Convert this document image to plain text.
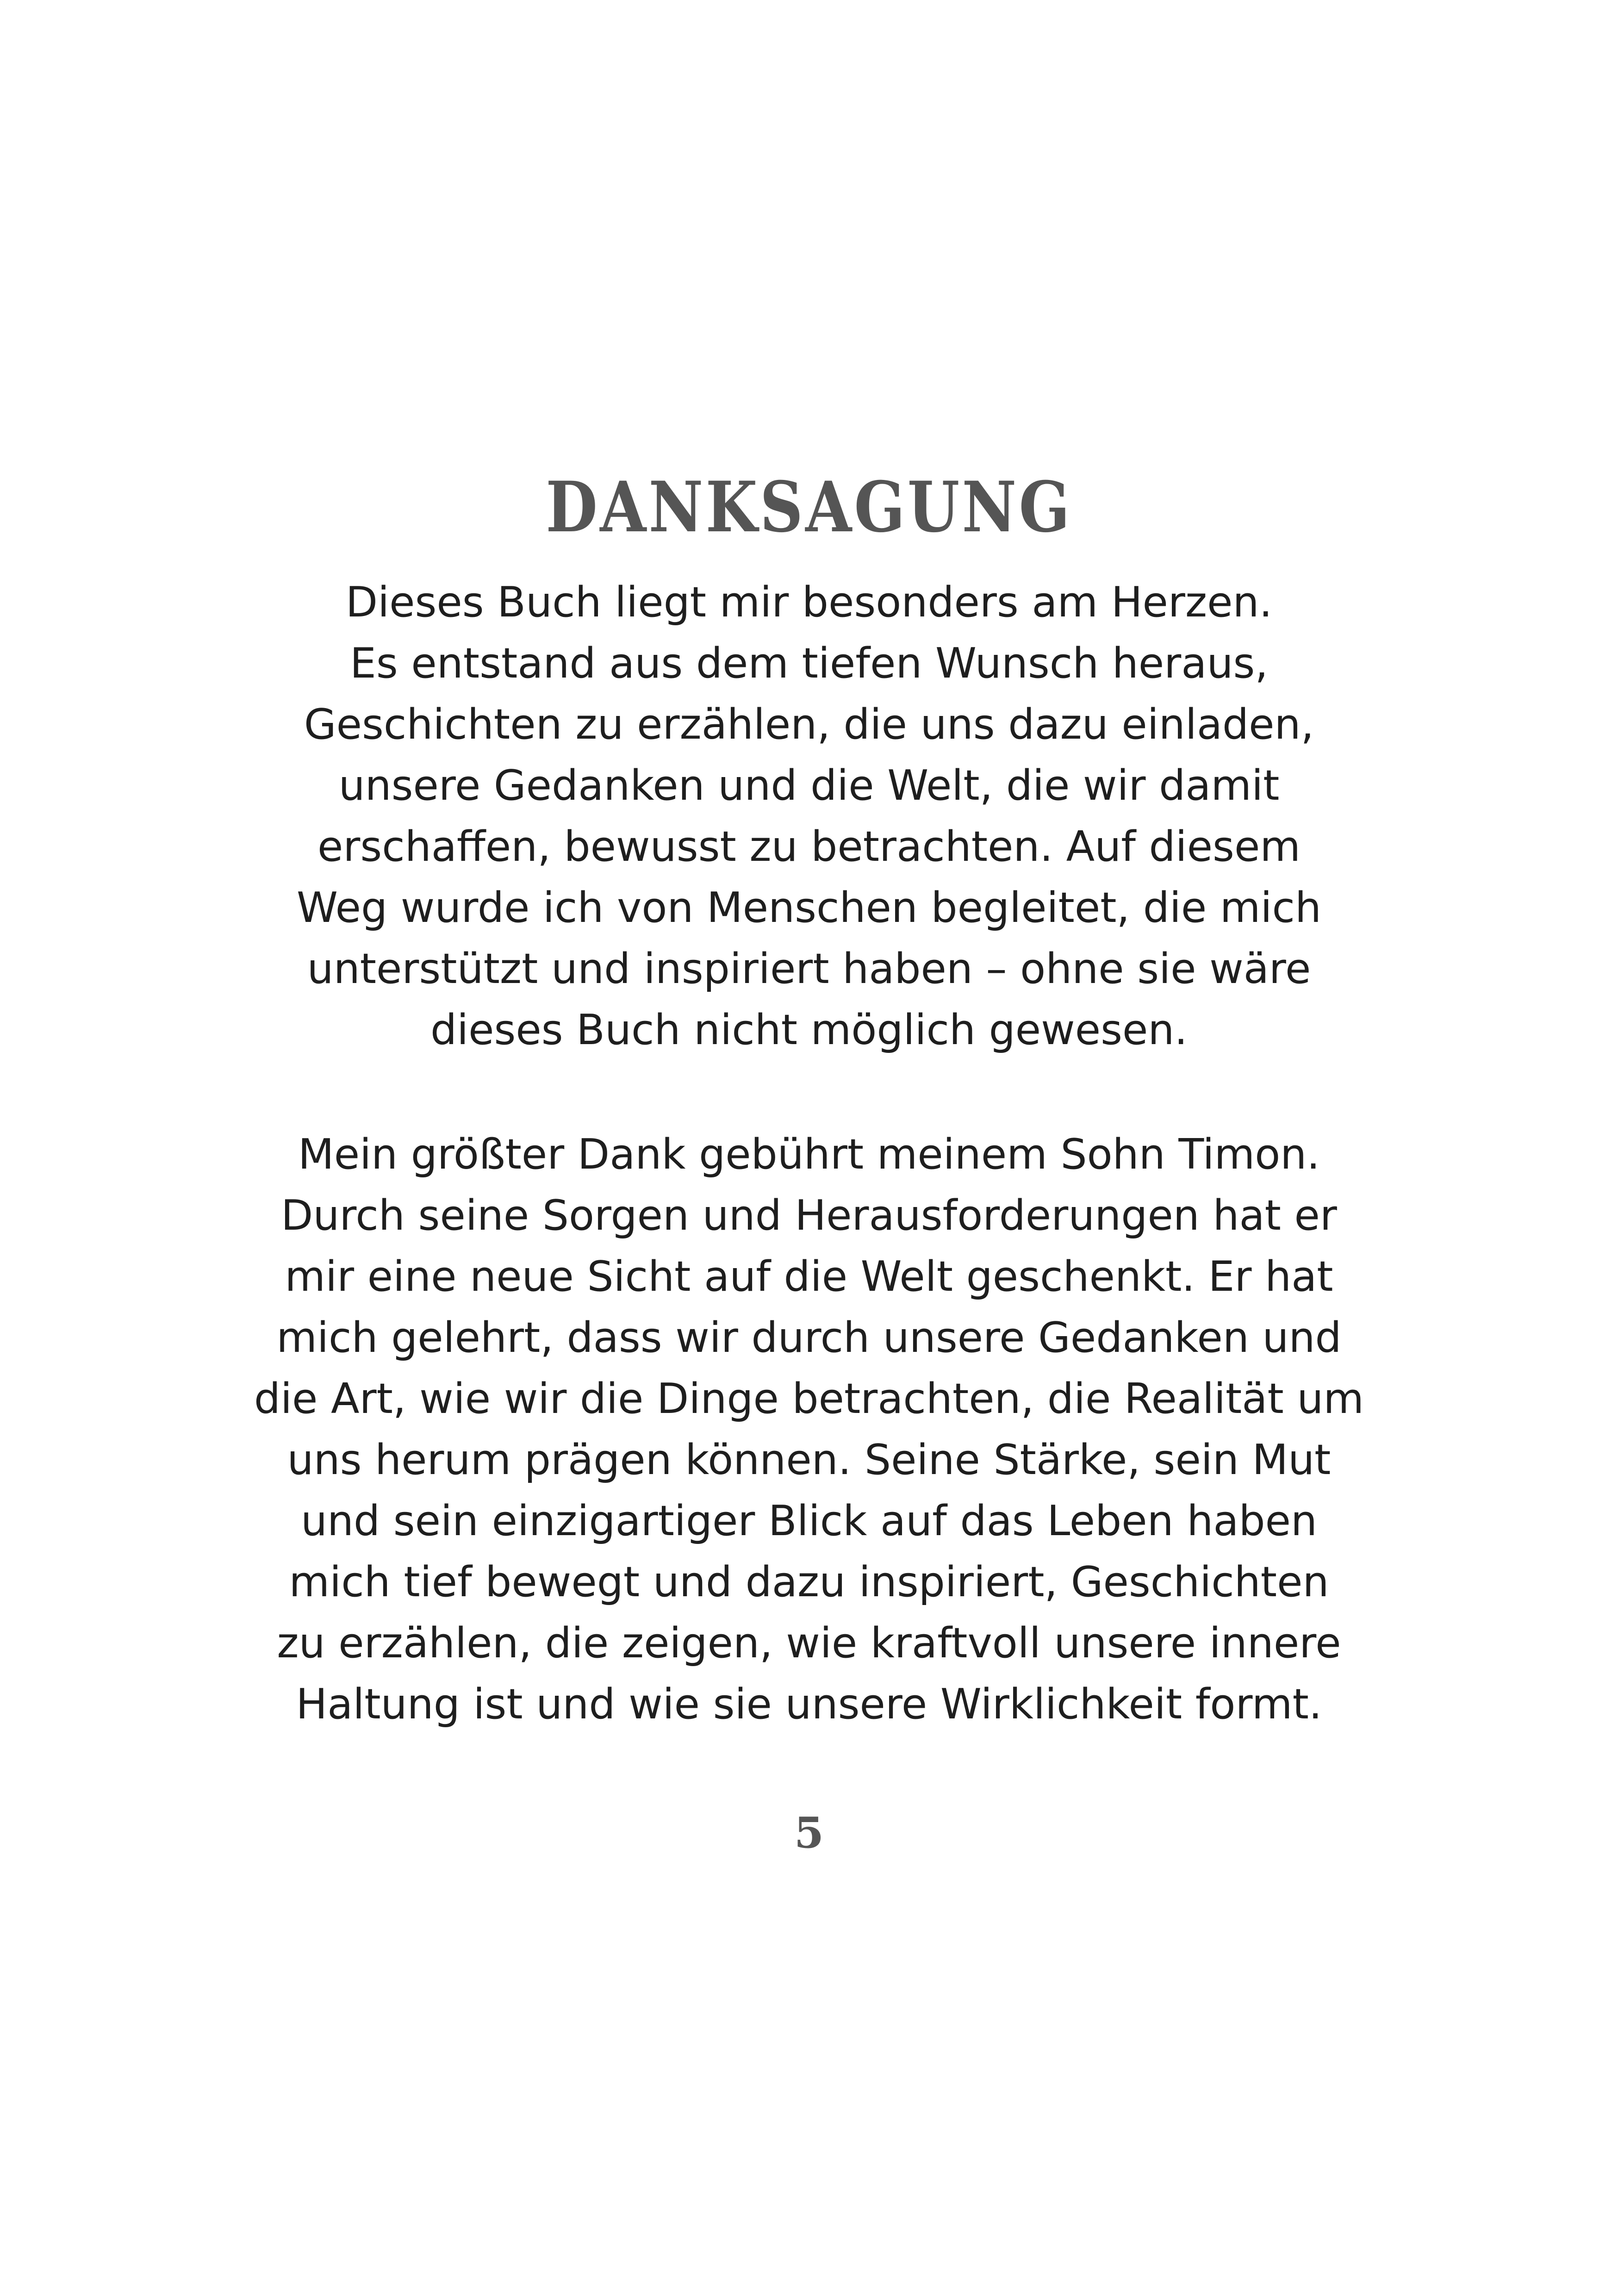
DANKSAGUNG
Dieses Buch liegt mir besonders am Herzen.
Es entstand aus dem tiefen Wunsch heraus,
Geschichten zu erzählen, die uns dazu einladen,
unsere Gedanken und die Welt, die wir damit
erschaffen, bewusst zu betrachten. Auf diesem
Weg wurde ich von Menschen begleitet, die mich
unterstützt und inspiriert haben – ohne sie wäre
dieses Buch nicht möglich gewesen.
Mein größter Dank gebührt meinem Sohn Timon.
Durch seine Sorgen und Herausforderungen hat er
mir eine neue Sicht auf die Welt geschenkt. Er hat
mich gelehrt, dass wir durch unsere Gedanken und
die Art, wie wir die Dinge betrachten, die Realität um
uns herum prägen können. Seine Stärke, sein Mut
und sein einzigartiger Blick auf das Leben haben
mich tief bewegt und dazu inspiriert, Geschichten
zu erzählen, die zeigen, wie kraftvoll unsere innere
Haltung ist und wie sie unsere Wirklichkeit formt.
5
